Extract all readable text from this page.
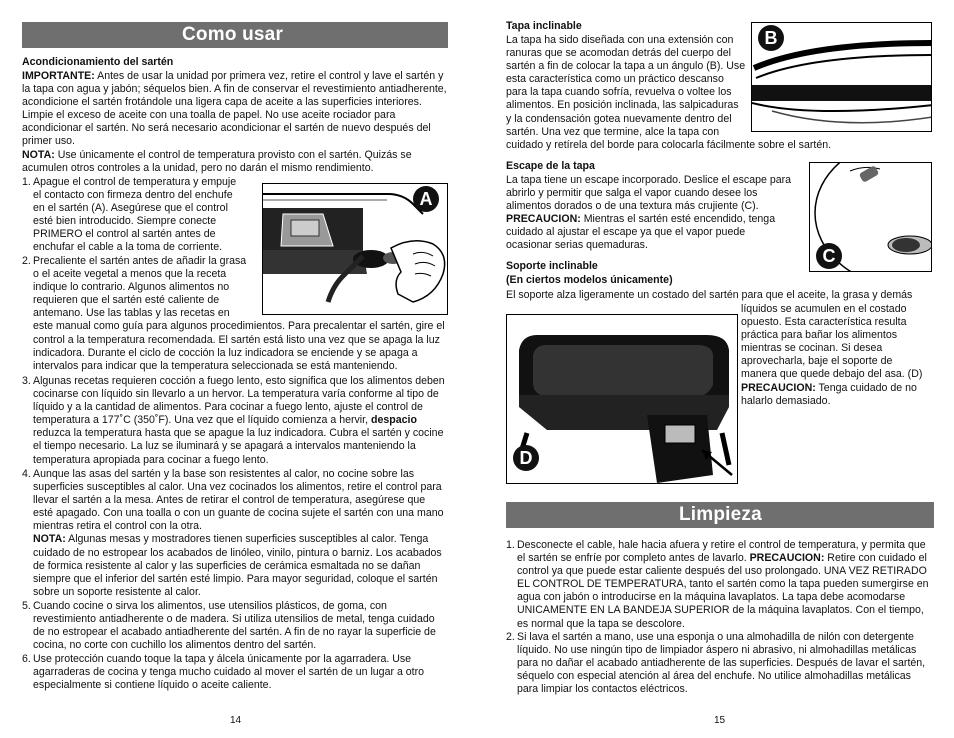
Como usar
Acondicionamiento del sartén

IMPORTANTE: Antes de usar la unidad por primera vez, retire el control y lave el sartén y la tapa con agua y jabón; séquelos bien. A fin de conservar el revestimiento antiadherente, acondicione el sartén frotándole una ligera capa de aceite a las superficies interiores. Limpie el exceso de aceite con una toalla de papel. No use aceite rociador para acondicionar el sartén. No será necesario acondicionar el sartén de nuevo después del primer uso.

NOTA: Use únicamente el control de temperatura provisto con el sartén. Quizás se acumulen otros controles a la unidad, pero no darán el mismo rendimiento.

1. Apague el control de temperatura y empuje
el contacto con firmeza dentro del enchufe
en el sartén (A). Asegúrese que el control
esté bien introducido. Siempre conecte
PRIMERO el control al sartén antes de
enchufar el cable a la toma de corriente.
2. Precaliente el sartén antes de añadir la grasa
o el aceite vegetal a menos que la receta
indique lo contrario. Algunos alimentos no
requieren que el sartén esté caliente de
antemano. Use las tablas y las recetas en

este manual como guía para algunos procedimientos. Para precalentar el sartén, gire el control a la temperatura recomendada. El sartén está listo una vez que se apaga la luz indicadora. Durante el ciclo de cocción la luz indicadora se enciende y se apaga a intervalos para indicar que la temperatura seleccionada se está manteniendo.

3. Algunas recetas requieren cocción a fuego lento, esto significa que los alimentos deben cocinarse con líquido sin llevarlo a un hervor. La temperatura varía conforme al tipo de líquido y a la cantidad de alimentos. Para cocinar a fuego lento, ajuste el control de temperatura a 177˚C (350˚F). Una vez que el líquido comienza a hervir, despacio reduzca la temperatura hasta que se apague la luz indicadora. Cubra el sartén y cocine el tiempo necesario. La luz se iluminará y se apagará a intervalos manteniendo la temperatura apropiada para cocinar a fuego lento.

4. Aunque las asas del sartén y la base son resistentes al calor, no cocine sobre las superficies susceptibles al calor. Una vez cocinados los alimentos, retire el control para llevar el sartén a la mesa. Antes de retirar el control de temperatura, asegúrese que esté apagado. Con una toalla o con un guante de cocina sujete el sartén con una mano mientras retira el control con la otra.

NOTA: Algunas mesas y mostradores tienen superficies susceptibles al calor. Tenga cuidado de no estropear los acabados de linóleo, vinilo, pintura o barniz. Los acabados de formica resistente al calor y las superficies de cerámica esmaltada no se dañan siempre que el inferior del sartén esté limpio. Para mayor seguridad, coloque el sartén sobre un soporte resistente al calor.

5. Cuando cocine o sirva los alimentos, use utensilios plásticos, de goma, con revestimiento antiadherente o de madera. Si utiliza utensilios de metal, tenga cuidado de no estropear el acabado antiadherente del sartén. A fin de no rayar la superficie de cocina, no corte con cuchillo los alimentos dentro del sartén.

6. Use protección cuando toque la tapa y álcela únicamente por la agarradera. Use agarraderas de cocina y tenga mucho cuidado al mover el sartén de un lugar a otro especialmente si contiene líquido o aceite caliente.

14
A
Tapa inclinable
La tapa ha sido diseñada con una extensión con
ranuras que se acomodan detrás del cuerpo del
sartén a fin de colocar la tapa a un ángulo (B). Use
esta característica como un práctico descanso
para la tapa cuando sofría, revuelva o voltee los
alimentos. En posición inclinada, las salpicaduras
y la condensación gotea nuevamente dentro del
sartén. Una vez que termine, alce la tapa con
cuidado y retírela del borde para colocarla fácilmente sobre el sartén.
Escape de la tapa
La tapa tiene un escape incorporado. Deslice el escape para
abrirlo y permitir que salga el vapor cuando desee los
alimentos dorados o de una textura más crujiente (C).
PRECAUCION: Mientras el sartén esté encendido, tenga
cuidado al ajustar el escape ya que el vapor puede
ocasionar serias quemaduras.
Soporte inclinable
(En ciertos modelos únicamente)
El soporte alza ligeramente un costado del sartén para que el aceite, la grasa y demás
líquidos se acumulen en el costado
opuesto. Esta característica resulta
práctica para bañar los alimentos
mientras se cocinan. Si desea
aprovecharla, baje el soporte de
manera que quede debajo del asa. (D)
PRECAUCION: Tenga cuidado de no
halarlo demasiado.
Limpieza
1. Desconecte el cable, hale hacia afuera y retire el control de temperatura, y permita que el sartén se enfríe por completo antes de lavarlo. PRECAUCION: Retire con cuidado el control ya que puede estar caliente después del uso prolongado. UNA VEZ RETIRADO EL CONTROL DE TEMPERATURA, tanto el sartén como la tapa pueden sumergirse en agua con jabón o introducirse en la máquina lavaplatos. La tapa debe acomodarse UNICAMENTE EN LA BANDEJA SUPERIOR de la máquina lavaplatos. Con el tiempo, es normal que la tapa se descolore.

2. Si lava el sartén a mano, use una esponja o una almohadilla de nilón con detergente líquido. No use ningún tipo de limpiador áspero ni abrasivo, ni almohadillas metálicas para no dañar el acabado antiadherente de las superficies. Después de lavar el sartén, séquelo con especial atención al área del enchufe. No utilice almohadillas metálicas para limpiar los contactos eléctricos.

15
B
C
D
